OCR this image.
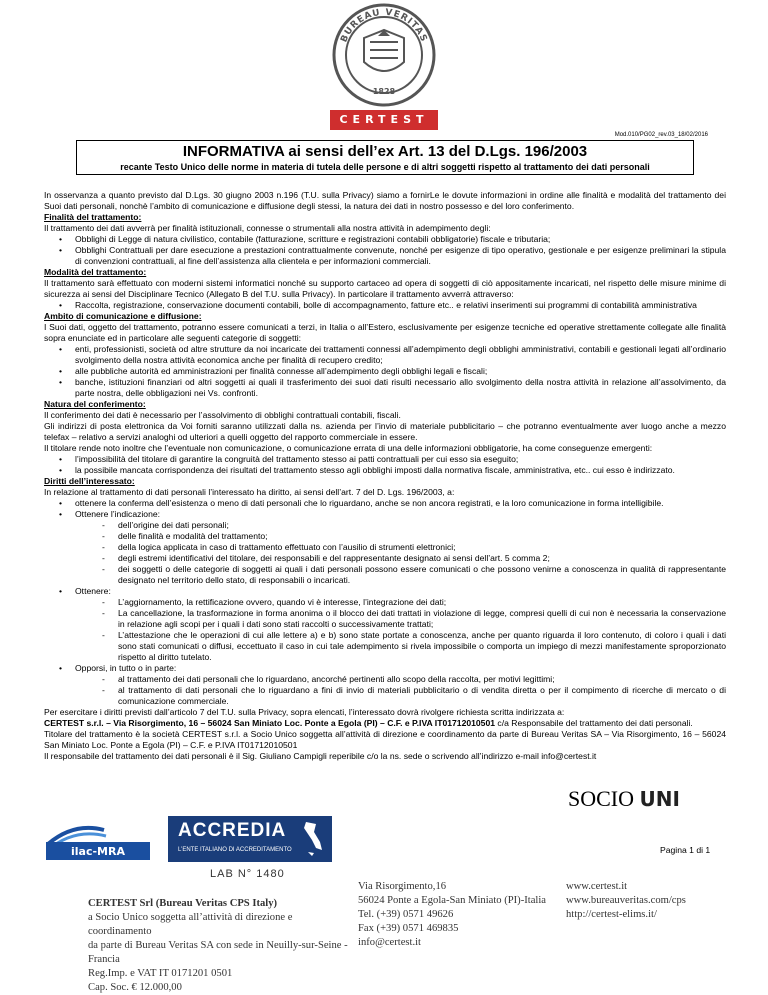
BUREAU VERITAS
1828
CERTEST
Mod.010/PG02_rev.03_18/02/2016
INFORMATIVA ai sensi dell’ex Art. 13 del D.Lgs. 196/2003
recante Testo Unico delle norme in materia di tutela delle persone e di altri soggetti rispetto al trattamento dei dati personali

In osservanza a quanto previsto dal D.Lgs. 30 giugno 2003 n.196 (T.U. sulla Privacy) siamo a fornirLe le dovute informazioni in ordine alle finalità e modalità del trattamento dei Suoi dati personali, nonchè l’ambito di comunicazione e diffusione degli stessi, la natura dei dati in nostro possesso e del loro conferimento.

Finalità del trattamento:

Il trattamento dei dati avverrà per finalità istituzionali, connesse o strumentali alla nostra attività in adempimento degli:

• Obblighi di Legge di natura civilistico, contabile (fatturazione, scritture e registrazioni contabili obbligatorie) fiscale e tributaria;
• Obblighi Contrattuali per dare esecuzione a prestazioni contrattualmente convenute, nonché per esigenze di tipo operativo, gestionale e per esigenze preliminari la stipula di convenzioni contrattuali, al fine dell’assistenza alla clientela e per informazioni commerciali.

Modalità del trattamento:

Il trattamento sarà effettuato con moderni sistemi informatici nonché su supporto cartaceo ad opera di soggetti di ciò appositamente incaricati, nel rispetto delle misure minime di sicurezza ai sensi del Disciplinare Tecnico (Allegato B del T.U. sulla Privacy). In particolare il trattamento avverrà attraverso:

• Raccolta, registrazione, conservazione documenti contabili, bolle di accompagnamento, fatture etc.. e relativi inserimenti sui programmi di contabilità amministrativa

Ambito di comunicazione e diffusione:

I Suoi dati, oggetto del trattamento, potranno essere comunicati a terzi, in Italia o all’Estero, esclusivamente per esigenze tecniche ed operative strettamente collegate alle finalità sopra enunciate ed in particolare alle seguenti categorie di soggetti:

• enti, professionisti, società od altre strutture da noi incaricate dei trattamenti connessi all’adempimento degli obblighi amministrativi, contabili e gestionali legati all’ordinario svolgimento della nostra attività economica anche per finalità di recupero credito;
• alle pubbliche autorità ed amministrazioni per finalità connesse all’adempimento degli obblighi legali e fiscali;
• banche, istituzioni finanziari od altri soggetti ai quali il trasferimento dei suoi dati risulti necessario allo svolgimento della nostra attività in relazione all’assolvimento, da parte nostra, delle obbligazioni nei Vs. confronti.

Natura del conferimento:

Il conferimento dei dati è necessario per l’assolvimento di obblighi contrattuali contabili, fiscali.

Gli indirizzi di posta elettronica da Voi forniti saranno utilizzati dalla ns. azienda per l’invio di materiale pubblicitario – che potranno eventualmente aver luogo anche a mezzo telefax – relativo a servizi analoghi od ulteriori a quelli oggetto del rapporto commerciale in essere.

Il titolare rende noto inoltre che l’eventuale non comunicazione, o comunicazione errata di una delle informazioni obbligatorie, ha come conseguenze emergenti:

• l’impossibilità del titolare di garantire la congruità del trattamento stesso ai patti contrattuali per cui esso sia eseguito;
• la possibile mancata corrispondenza dei risultati del trattamento stesso agli obblighi imposti dalla normativa fiscale, amministrativa, etc.. cui esso è indirizzato.

Diritti dell’interessato:

In relazione al trattamento di dati personali l’interessato ha diritto, ai sensi dell’art. 7 del D. Lgs. 196/2003, a:

• ottenere la conferma dell’esistenza o meno di dati personali che lo riguardano, anche se non ancora registrati, e la loro comunicazione in forma intelligibile.
• Ottenere l’indicazione:
- dell’origine dei dati personali;
- delle finalità e modalità del trattamento;
- della logica applicata in caso di trattamento effettuato con l’ausilio di strumenti elettronici;
- degli estremi identificativi del titolare, dei responsabili e del rappresentante designato ai sensi dell’art. 5 comma 2;
- dei soggetti o delle categorie di soggetti ai quali i dati personali possono essere comunicati o che possono venirne a conoscenza in qualità di rappresentante designato nel territorio dello stato, di responsabili o incaricati.
• Ottenere:
- L’aggiornamento, la rettificazione ovvero, quando vi è interesse, l’integrazione dei dati;
- La cancellazione, la trasformazione in forma anonima o il blocco dei dati trattati in violazione di legge, compresi quelli di cui non è necessaria la conservazione in relazione agli scopi per i quali i dati sono stati raccolti o successivamente trattati;
- L’attestazione che le operazioni di cui alle lettere a) e b) sono state portate a conoscenza, anche per quanto riguarda il loro contenuto, di coloro i quali i dati sono stati comunicati o diffusi, eccettuato il caso in cui tale adempimento si rivela impossibile o comporta un impiego di mezzi manifestamente sproporzionato rispetto al diritto tutelato.
• Opporsi, in tutto o in parte:
- al trattamento dei dati personali che lo riguardano, ancorché pertinenti allo scopo della raccolta, per motivi legittimi;
- al trattamento di dati personali che lo riguardano a fini di invio di materiali pubblicitario o di vendita diretta o per il compimento di ricerche di mercato o di comunicazione commerciale.

Per esercitare i diritti previsti dall’articolo 7 del T.U. sulla Privacy, sopra elencati, l’interessato dovrà rivolgere richiesta scritta indirizzata a:

CERTEST s.r.l. – Via Risorgimento, 16 – 56024 San Miniato Loc. Ponte a Egola (PI) – C.F. e P.IVA IT01712010501 c/a Responsabile del trattamento dei dati personali.

Titolare del trattamento è la società CERTEST s.r.l. a Socio Unico soggetta all’attività di direzione e coordinamento da parte di Bureau Veritas SA – Via Risorgimento, 16 – 56024 San Miniato Loc. Ponte a Egola (PI) – C.F. e P.IVA IT01712010501

Il responsabile del trattamento dei dati personali è il Sig. Giuliano Campigli reperibile c/o la ns. sede o scrivendo all’indirizzo e-mail info@certest.it

SOCIO UNI
ilac-MRA
ACCREDIA
L’ENTE ITALIANO DI ACCREDITAMENTO
LAB N° 1480
Pagina 1 di 1
CERTEST Srl (Bureau Veritas CPS Italy)
a Socio Unico soggetta all’attività di direzione e coordinamento
da parte di Bureau Veritas SA con sede in Neuilly-sur-Seine - Francia
Reg.Imp. e VAT IT 0171201 0501
Cap. Soc. € 12.000,00
Via Risorgimento,16
56024 Ponte a Egola-San Miniato (PI)-Italia
Tel. (+39) 0571 49626
Fax (+39) 0571 469835
info@certest.it
www.certest.it
www.bureauveritas.com/cps
http://certest-elims.it/
